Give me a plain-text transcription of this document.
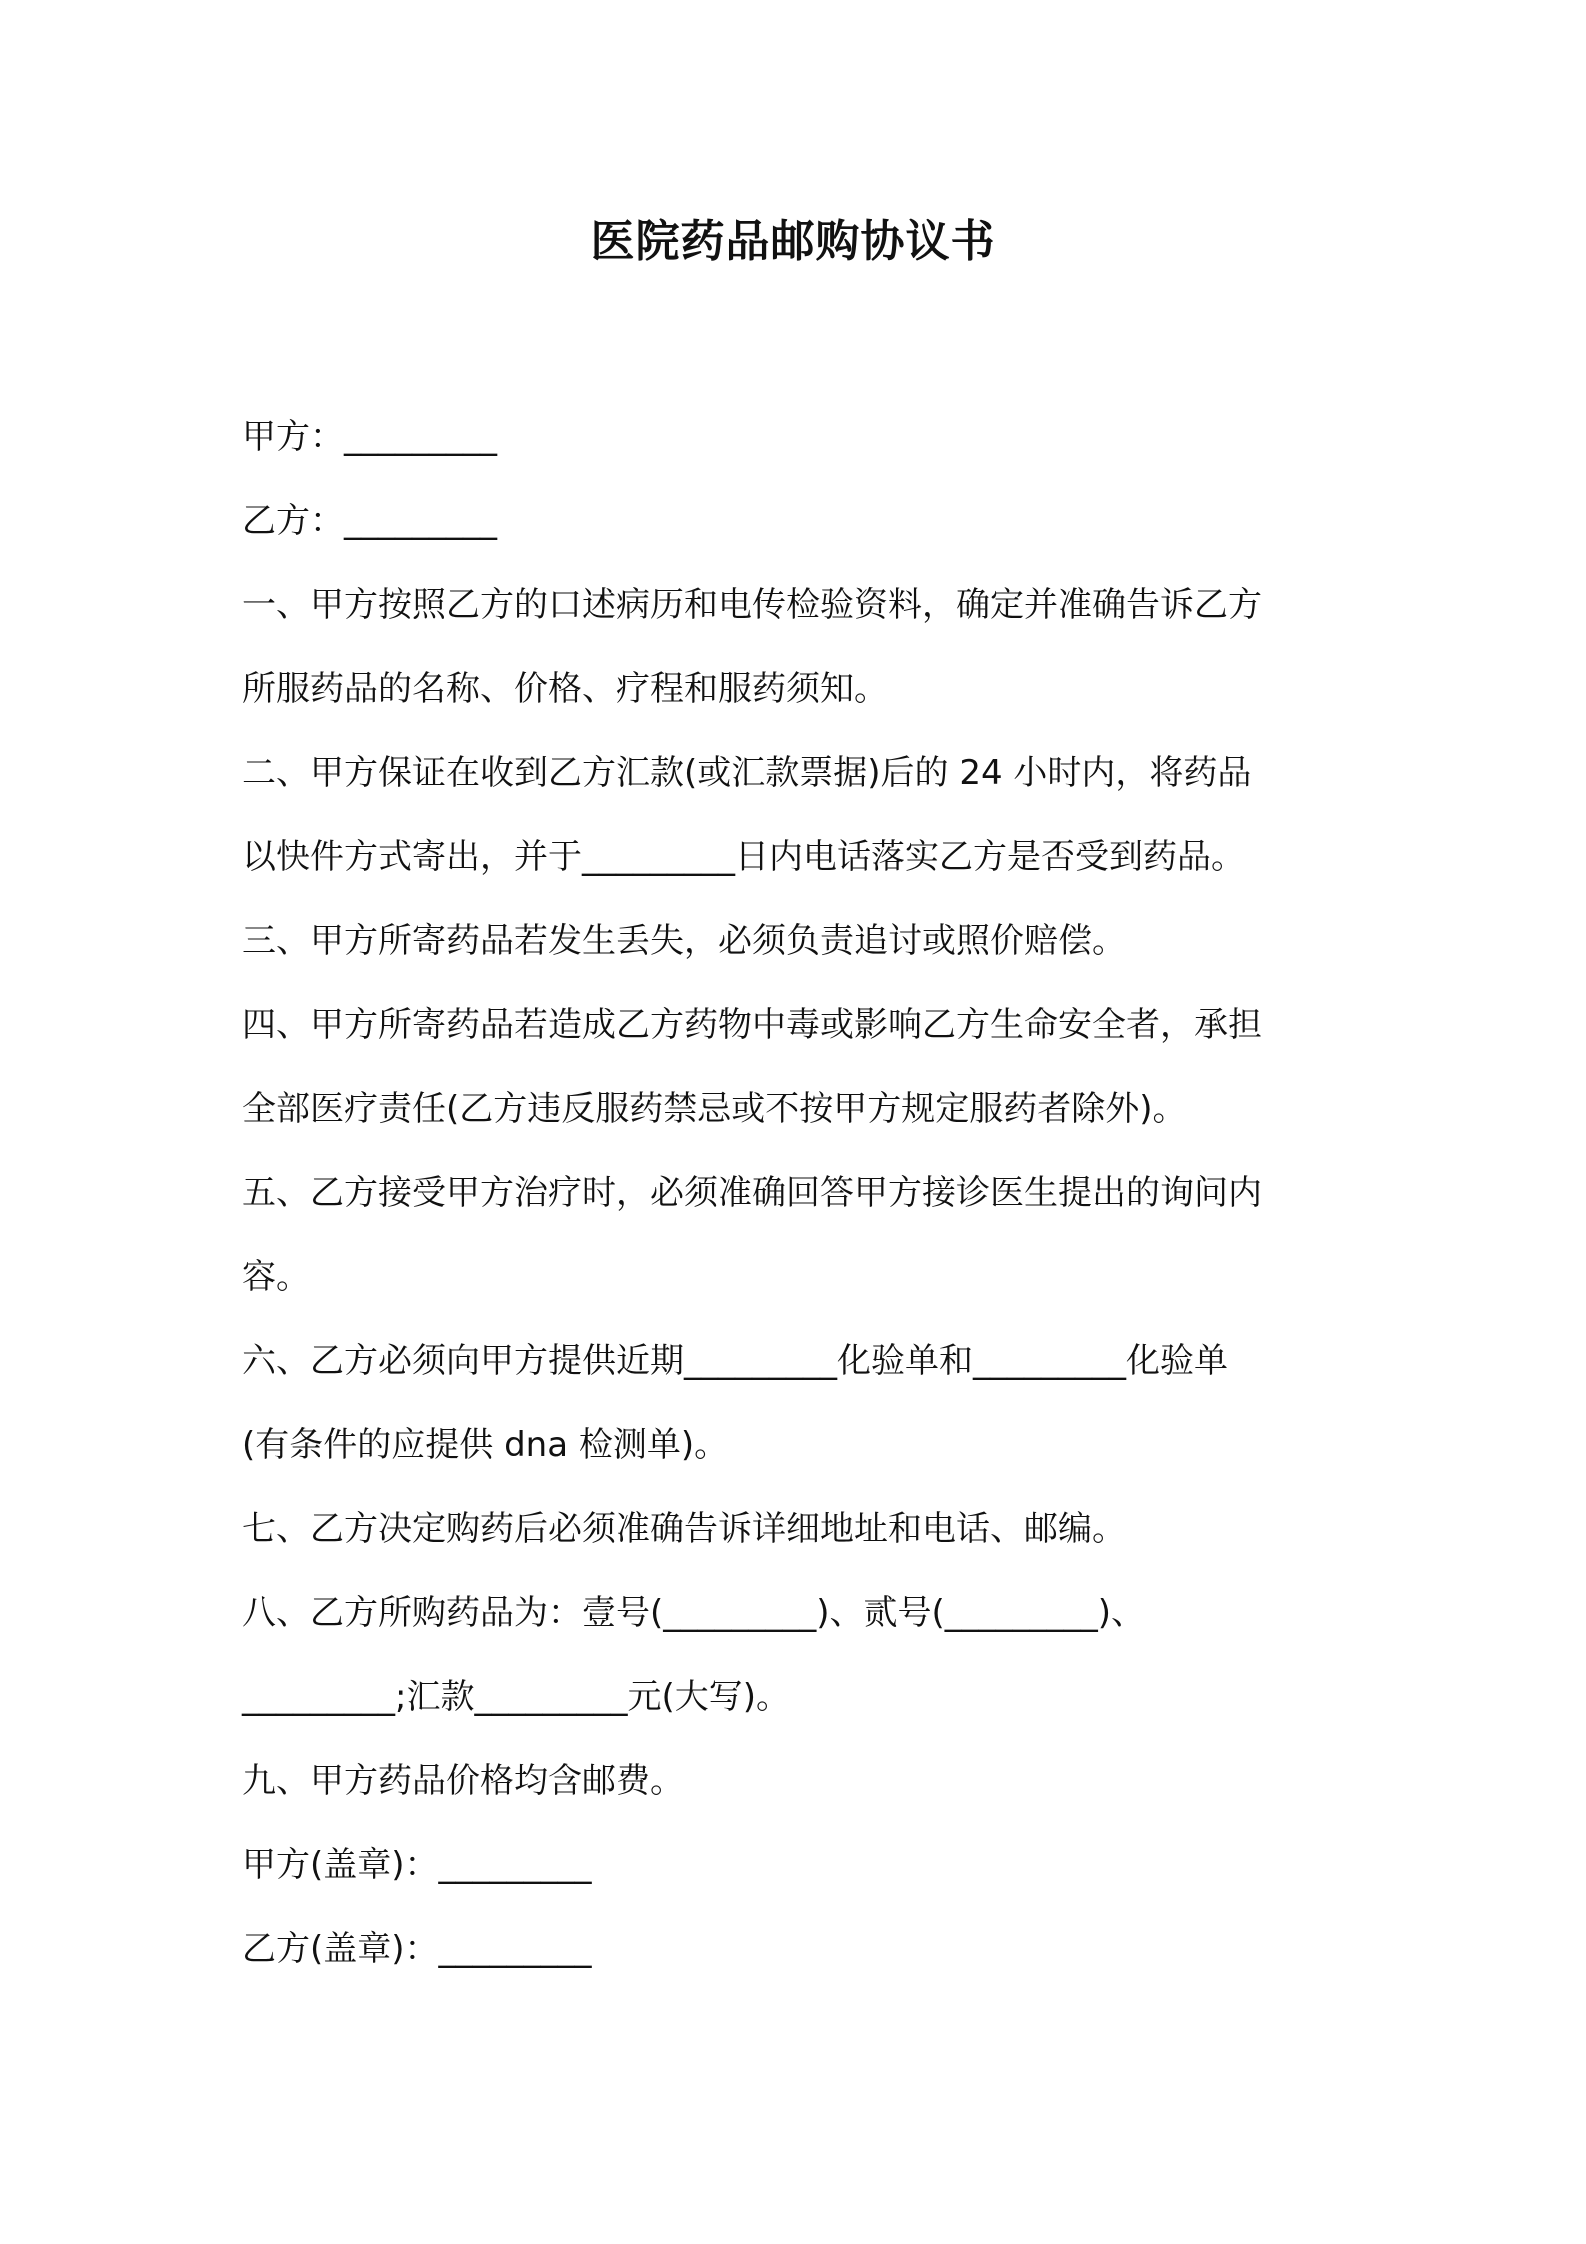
医院药品邮购协议书
甲方：_________
乙方：_________
一、甲方按照乙方的口述病历和电传检验资料，确定并准确告诉乙方
所服药品的名称、价格、疗程和服药须知。
二、甲方保证在收到乙方汇款(或汇款票据)后的 24 小时内，将药品
以快件方式寄出，并于_________日内电话落实乙方是否受到药品。
三、甲方所寄药品若发生丢失，必须负责追讨或照价赔偿。
四、甲方所寄药品若造成乙方药物中毒或影响乙方生命安全者，承担
全部医疗责任(乙方违反服药禁忌或不按甲方规定服药者除外)。
五、乙方接受甲方治疗时，必须准确回答甲方接诊医生提出的询问内
容。
六、乙方必须向甲方提供近期_________化验单和_________化验单
(有条件的应提供 dna 检测单)。
七、乙方决定购药后必须准确告诉详细地址和电话、邮编。
八、乙方所购药品为：壹号(_________)、贰号(_________)、
_________;汇款_________元(大写)。
九、甲方药品价格均含邮费。
甲方(盖章)：_________
乙方(盖章)：_________
